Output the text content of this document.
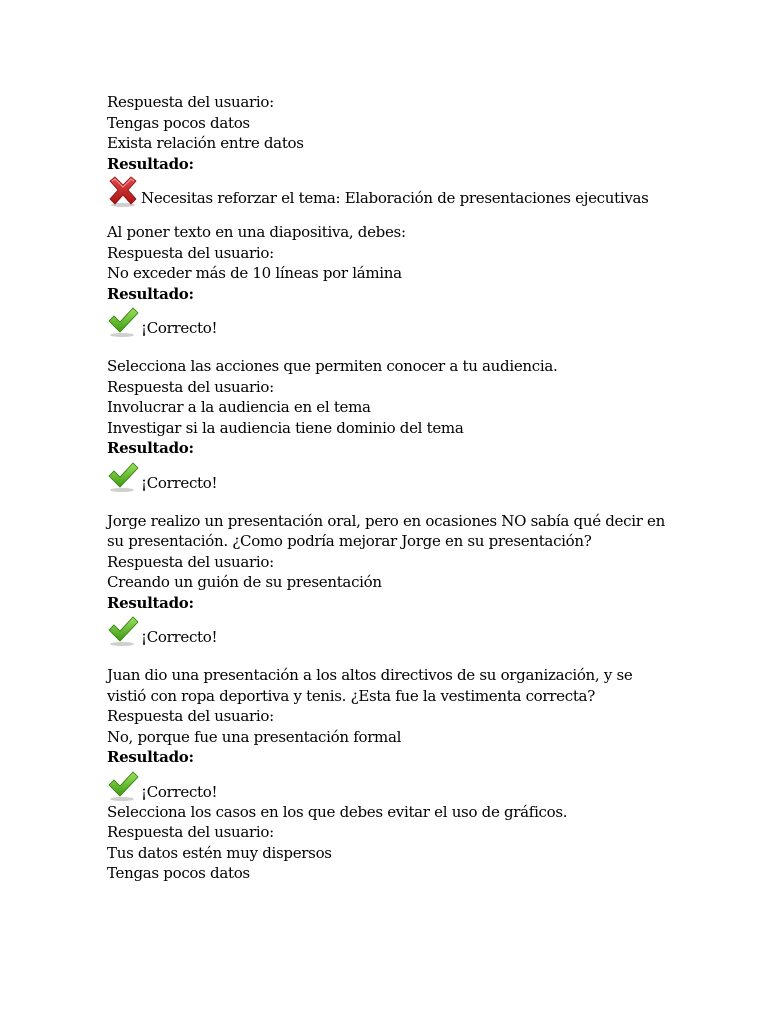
Respuesta del usuario:
Tengas pocos datos
Exista relación entre datos
Resultado:
Necesitas reforzar el tema: Elaboración de presentaciones ejecutivas
Al poner texto en una diapositiva, debes:
Respuesta del usuario:
No exceder más de 10 líneas por lámina
Resultado:
¡Correcto!
Selecciona las acciones que permiten conocer a tu audiencia.
Respuesta del usuario:
Involucrar a la audiencia en el tema
Investigar si la audiencia tiene dominio del tema
Resultado:
¡Correcto!
Jorge realizo un presentación oral, pero en ocasiones NO sabía qué decir en
su presentación. ¿Como podría mejorar Jorge en su presentación?
Respuesta del usuario:
Creando un guión de su presentación
Resultado:
¡Correcto!
Juan dio una presentación a los altos directivos de su organización, y se
vistió con ropa deportiva y tenis. ¿Esta fue la vestimenta correcta?
Respuesta del usuario:
No, porque fue una presentación formal
Resultado:
¡Correcto!
Selecciona los casos en los que debes evitar el uso de gráficos.
Respuesta del usuario:
Tus datos estén muy dispersos
Tengas pocos datos
